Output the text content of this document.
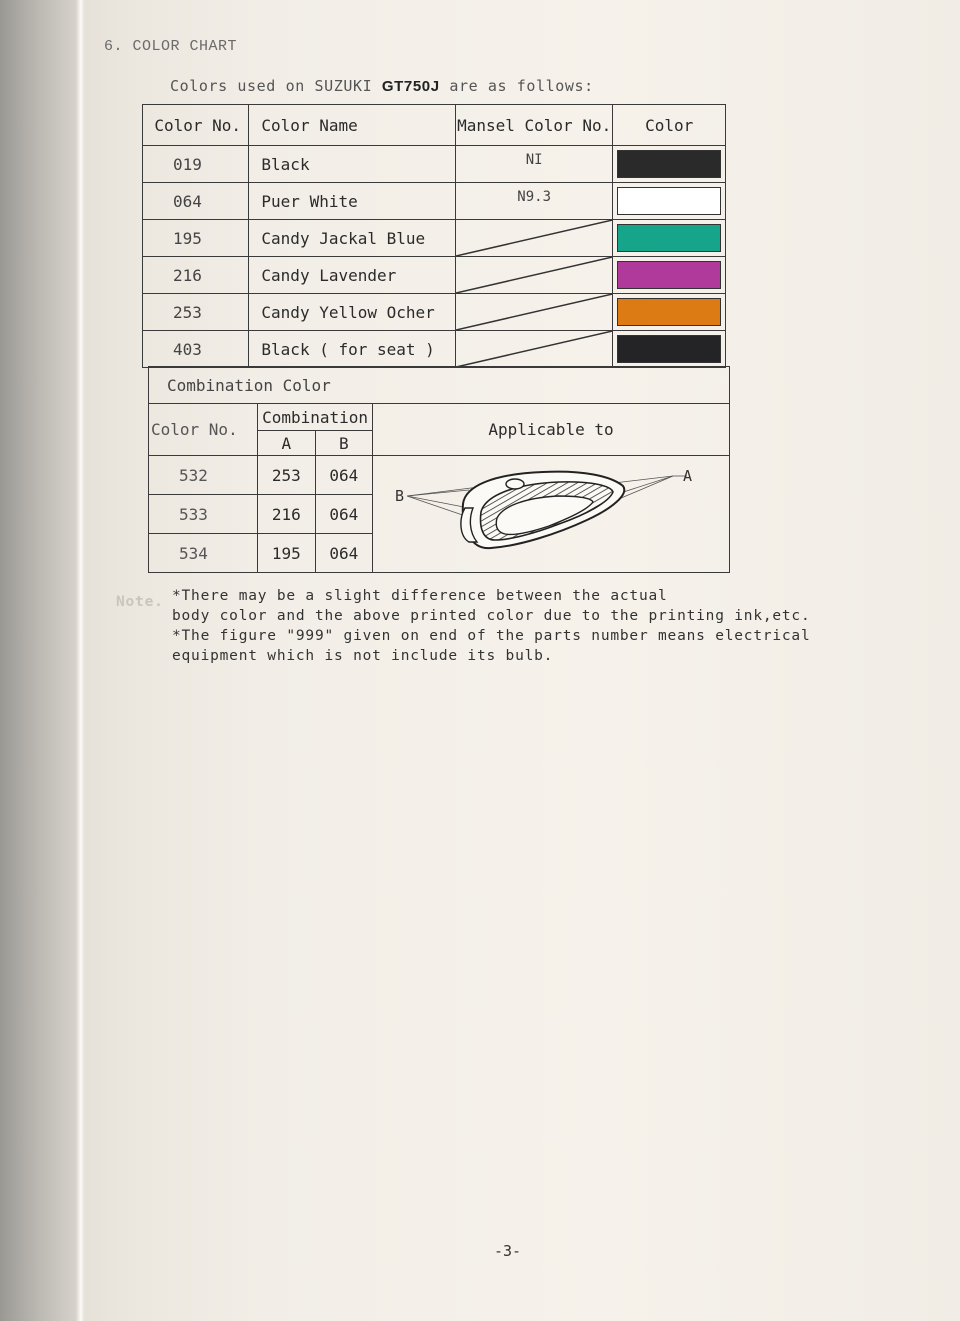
6. COLOR CHART
Colors used on SUZUKI GT750J are as follows:
Color No.	Color Name	Mansel Color No.	Color
019	Black	NI	

064	Puer White	N9.3	

195	Candy Jackal Blue	

216	Candy Lavender	

253	Candy Yellow Ocher	

403	Black ( for seat )	

Combination Color			
Color No.	Combination		Applicable to
	A	B	
532	253	064	B
A

533	216	064	
534	195	064	
Note. *There may be a slight difference between the actual
body color and the above printed color due to the printing ink,etc.
*The figure "999" given on end of the parts number means electrical
equipment which is not include its bulb.
-3-
